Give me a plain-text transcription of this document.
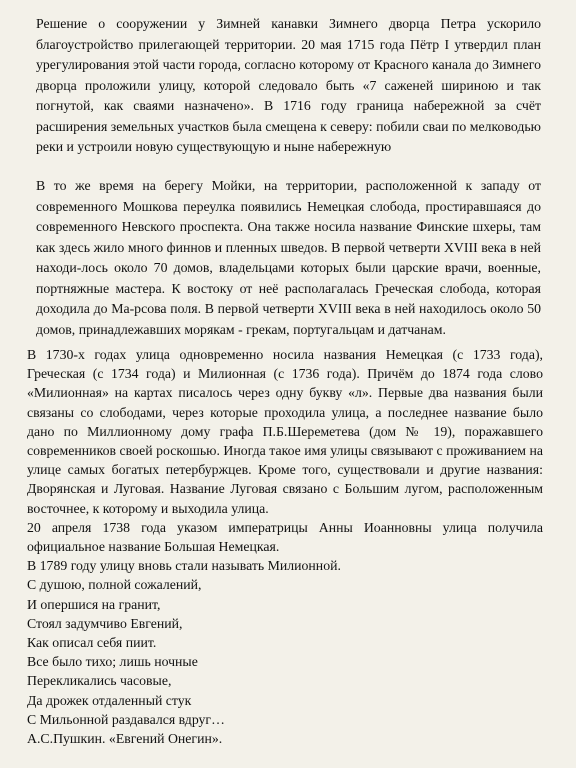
Решение о сооружении у Зимней канавки Зимнего дворца Петра ускорило благоустройство прилегающей территории. 20 мая 1715 года Пётр I утвердил план урегулирования этой части города, согласно которому от Красного канала до Зимнего дворца проложили улицу, которой следовало быть «7 саженей шириною и так погнутой, как сваями назначено». В 1716 году граница набережной за счёт расширения земельных участков была смещена к северу: побили сваи по мелководью реки и устроили новую существующую и ныне набережную

В то же время на берегу Мойки, на территории, расположенной к западу от современного Мошкова переулка появились Немецкая слобода, простиравшаяся до современного Невского проспекта. Она также носила название Финские шхеры, там как здесь жило много финнов и пленных шведов. В первой четверти XVIII века в ней находи-лось около 70 домов, владельцами которых были царские врачи, военные, портняжные мастера. К востоку от неё располагалась Греческая слобода, которая доходила до Ма-рсова поля. В первой четверти XVIII века в ней находилось около 50 домов, принадлежавших морякам - грекам, португальцам и датчанам.

В 1730-х годах улица одновременно носила названия Немецкая (с 1733 года), Греческая (с 1734 года) и Милионная (с 1736 года). Причём до 1874 года слово «Милионная» на картах писалось через одну букву «л». Первые два названия были связаны со слободами, через которые проходила улица, а последнее название было дано по Миллионному дому графа П.Б.Шереметева (дом № 19), поражавшего современников своей роскошью. Иногда такое имя улицы связывают с проживанием на улице самых богатых петербуржцев. Кроме того, существовали и другие названия: Дворянская и Луговая. Название Луговая связано с Большим лугом, расположенным восточнее, к которому и выходила улица.

20 апреля 1738 года указом императрицы Анны Иоанновны улица получила официальное название Большая Немецкая.

В 1789 году улицу вновь стали называть Милионной.
С душою, полной сожалений,
И опершися на гранит,
Стоял задумчиво Евгений,
Как описал себя пиит.
Все было тихо; лишь ночные
Перекликались часовые,
Да дрожек отдаленный стук
С Мильонной раздавался вдруг…
А.С.Пушкин. «Евгений Онегин».
